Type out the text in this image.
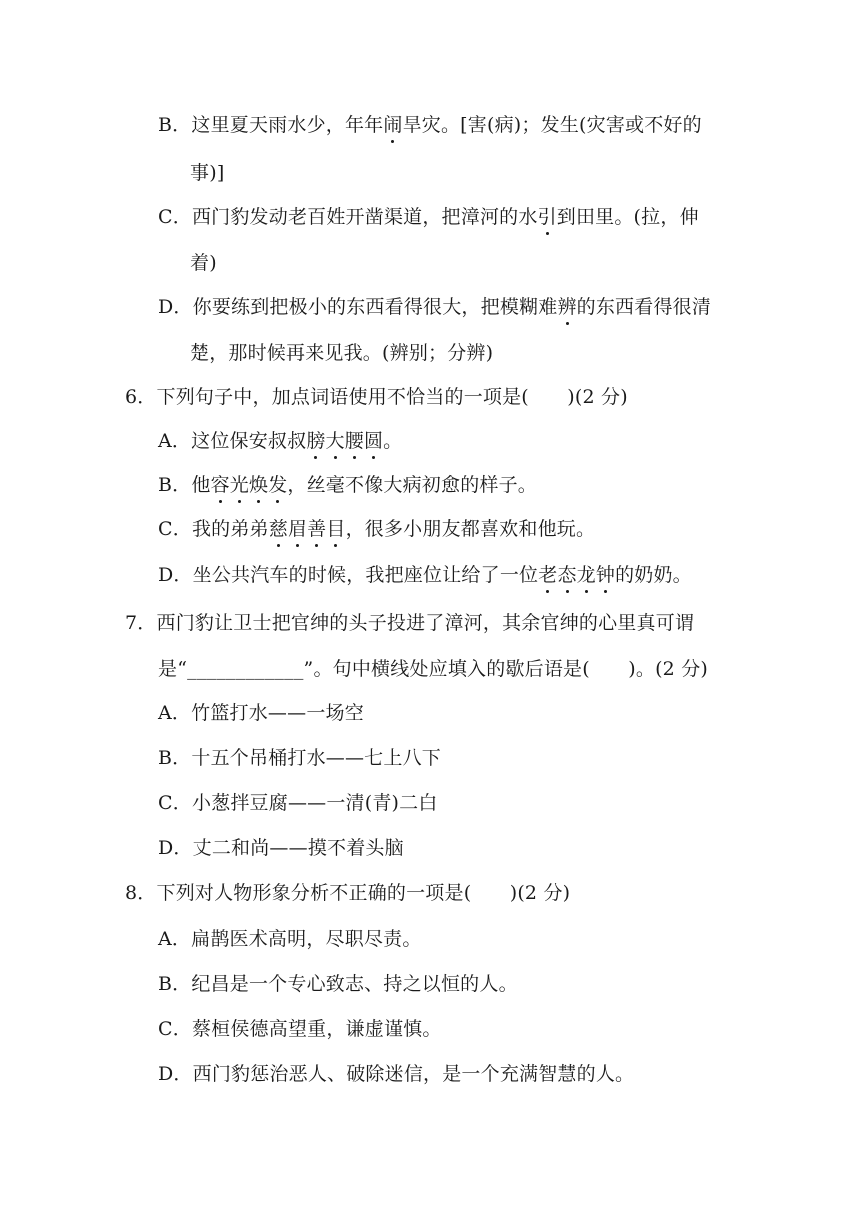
B．这里夏天雨水少，年年闹旱灾。[害(病)；发生(灾害或不好的
事)]
C．西门豹发动老百姓开凿渠道，把漳河的水引到田里。(拉，伸
着)
D．你要练到把极小的东西看得很大，把模糊难辨的东西看得很清
楚，那时候再来见我。(辨别；分辨)
6．下列句子中，加点词语使用不恰当的一项是(　　)(2 分)
A．这位保安叔叔膀大腰圆。
B．他容光焕发，丝毫不像大病初愈的样子。
C．我的弟弟慈眉善目，很多小朋友都喜欢和他玩。
D．坐公共汽车的时候，我把座位让给了一位老态龙钟的奶奶。
7．西门豹让卫士把官绅的头子投进了漳河，其余官绅的心里真可谓
是“____________”。句中横线处应填入的歇后语是(　　)。(2 分)
A．竹篮打水——一场空
B．十五个吊桶打水——七上八下
C．小葱拌豆腐——一清(青)二白
D．丈二和尚——摸不着头脑
8．下列对人物形象分析不正确的一项是(　　)(2 分)
A．扁鹊医术高明，尽职尽责。
B．纪昌是一个专心致志、持之以恒的人。
C．蔡桓侯德高望重，谦虚谨慎。
D．西门豹惩治恶人、破除迷信，是一个充满智慧的人。
